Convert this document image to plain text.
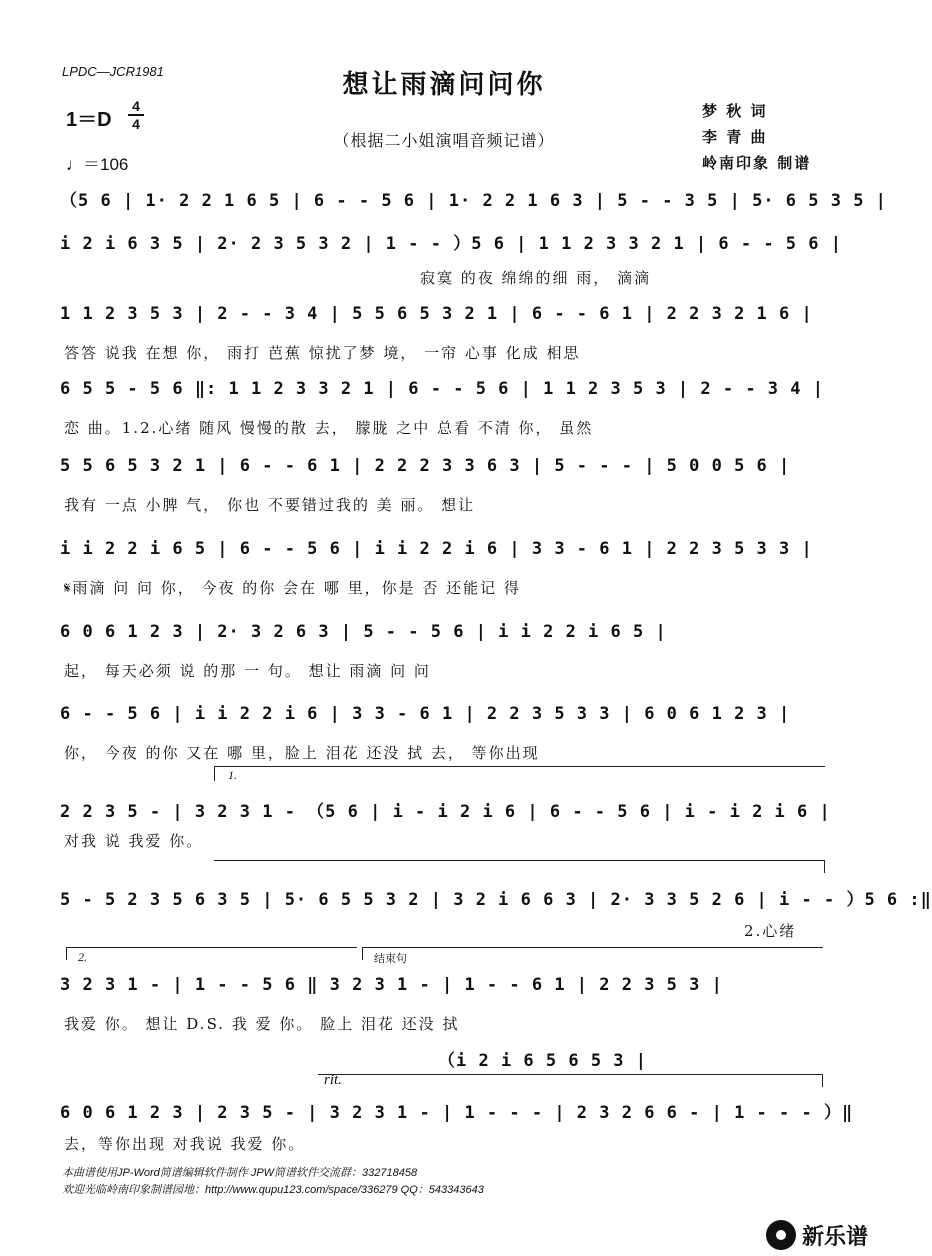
LPDC—JCR1981	想让雨滴问问你
（根据二小姐演唱音频记谱）
1＝D
4
4
♩＝106
梦 秋 词
李 青 曲
岭南印象 制谱
（5 6 | 1· 2 2 1 6 5 | 6 - - 5 6 | 1· 2 2 1 6 3 | 5 - - 3 5 | 5· 6 5 3 5 |
i 2 i 6 3 5 | 2· 2 3 5 3 2 | 1 - - ）5 6 | 1 1 2 3 3 2 1 | 6 - - 5 6 |
寂寞 的夜 绵绵的细 雨， 滴滴
1 1 2 3 5 3 | 2 - - 3 4 | 5 5 6 5 3 2 1 | 6 - - 6 1 | 2 2 3 2 1 6 |
答答 说我 在想 你， 雨打 芭蕉 惊扰了梦 境， 一帘 心事 化成 相思
6 5 5 - 5 6 ‖: 1 1 2 3 3 2 1 | 6 - - 5 6 | 1 1 2 3 5 3 | 2 - - 3 4 |
恋 曲。1.2.心绪 随风 慢慢的散 去， 朦胧 之中 总看 不清 你， 虽然
5 5 6 5 3 2 1 | 6 - - 6 1 | 2 2 2 3 3 6 3 | 5 - - - | 5 0 0 5 6 |
我有 一点 小脾 气， 你也 不要错过我的 美 丽。 想让
i i 2 2 i 6 5 | 6 - - 5 6 | i i 2 2 i 6 | 3 3 - 6 1 | 2 2 3 5 3 3 |
𝄋雨滴 问 问 你， 今夜 的你 会在 哪 里，你是 否 还能记 得
6 0 6 1 2 3 | 2· 3 2 6 3 | 5 - - 5 6 | i i 2 2 i 6 5 |
起， 每天必须 说 的那 一 句。 想让 雨滴 问 问
6 - - 5 6 | i i 2 2 i 6 | 3 3 - 6 1 | 2 2 3 5 3 3 | 6 0 6 1 2 3 |
你， 今夜 的你 又在 哪 里，脸上 泪花 还没 拭 去， 等你出现
1.
2 2 3 5 - | 3 2 3 1 - （5 6 | i - i 2 i 6 | 6 - - 5 6 | i - i 2 i 6 |
对我 说 我爱 你。
5 - 5 2 3 5 6 3 5 | 5· 6 5 5 3 2 | 3 2 i 6 6 3 | 2· 3 3 5 2 6 | i - - ）5 6 :‖
2.心绪
2.	结束句
3 2 3 1 - | 1 - - 5 6 ‖ 3 2 3 1 - | 1 - - 6 1 | 2 2 3 5 3 |
我爱 你。 想让 D.S. 我 爱 你。 脸上 泪花 还没 拭
（i 2 i 6 5 6 5 3 |
rit.
6 0 6 1 2 3 | 2 3 5 - | 3 2 3 1 - | 1 - - - | 2 3 2 6 6 - | 1 - - - ）‖
去，等你出现 对我说 我爱 你。
本曲谱使用JP-Word简谱编辑软件制作 JPW简谱软件交流群：332718458
欢迎光临岭南印象制谱园地：http://www.qupu123.com/space/336279 QQ：543343643
新乐谱
